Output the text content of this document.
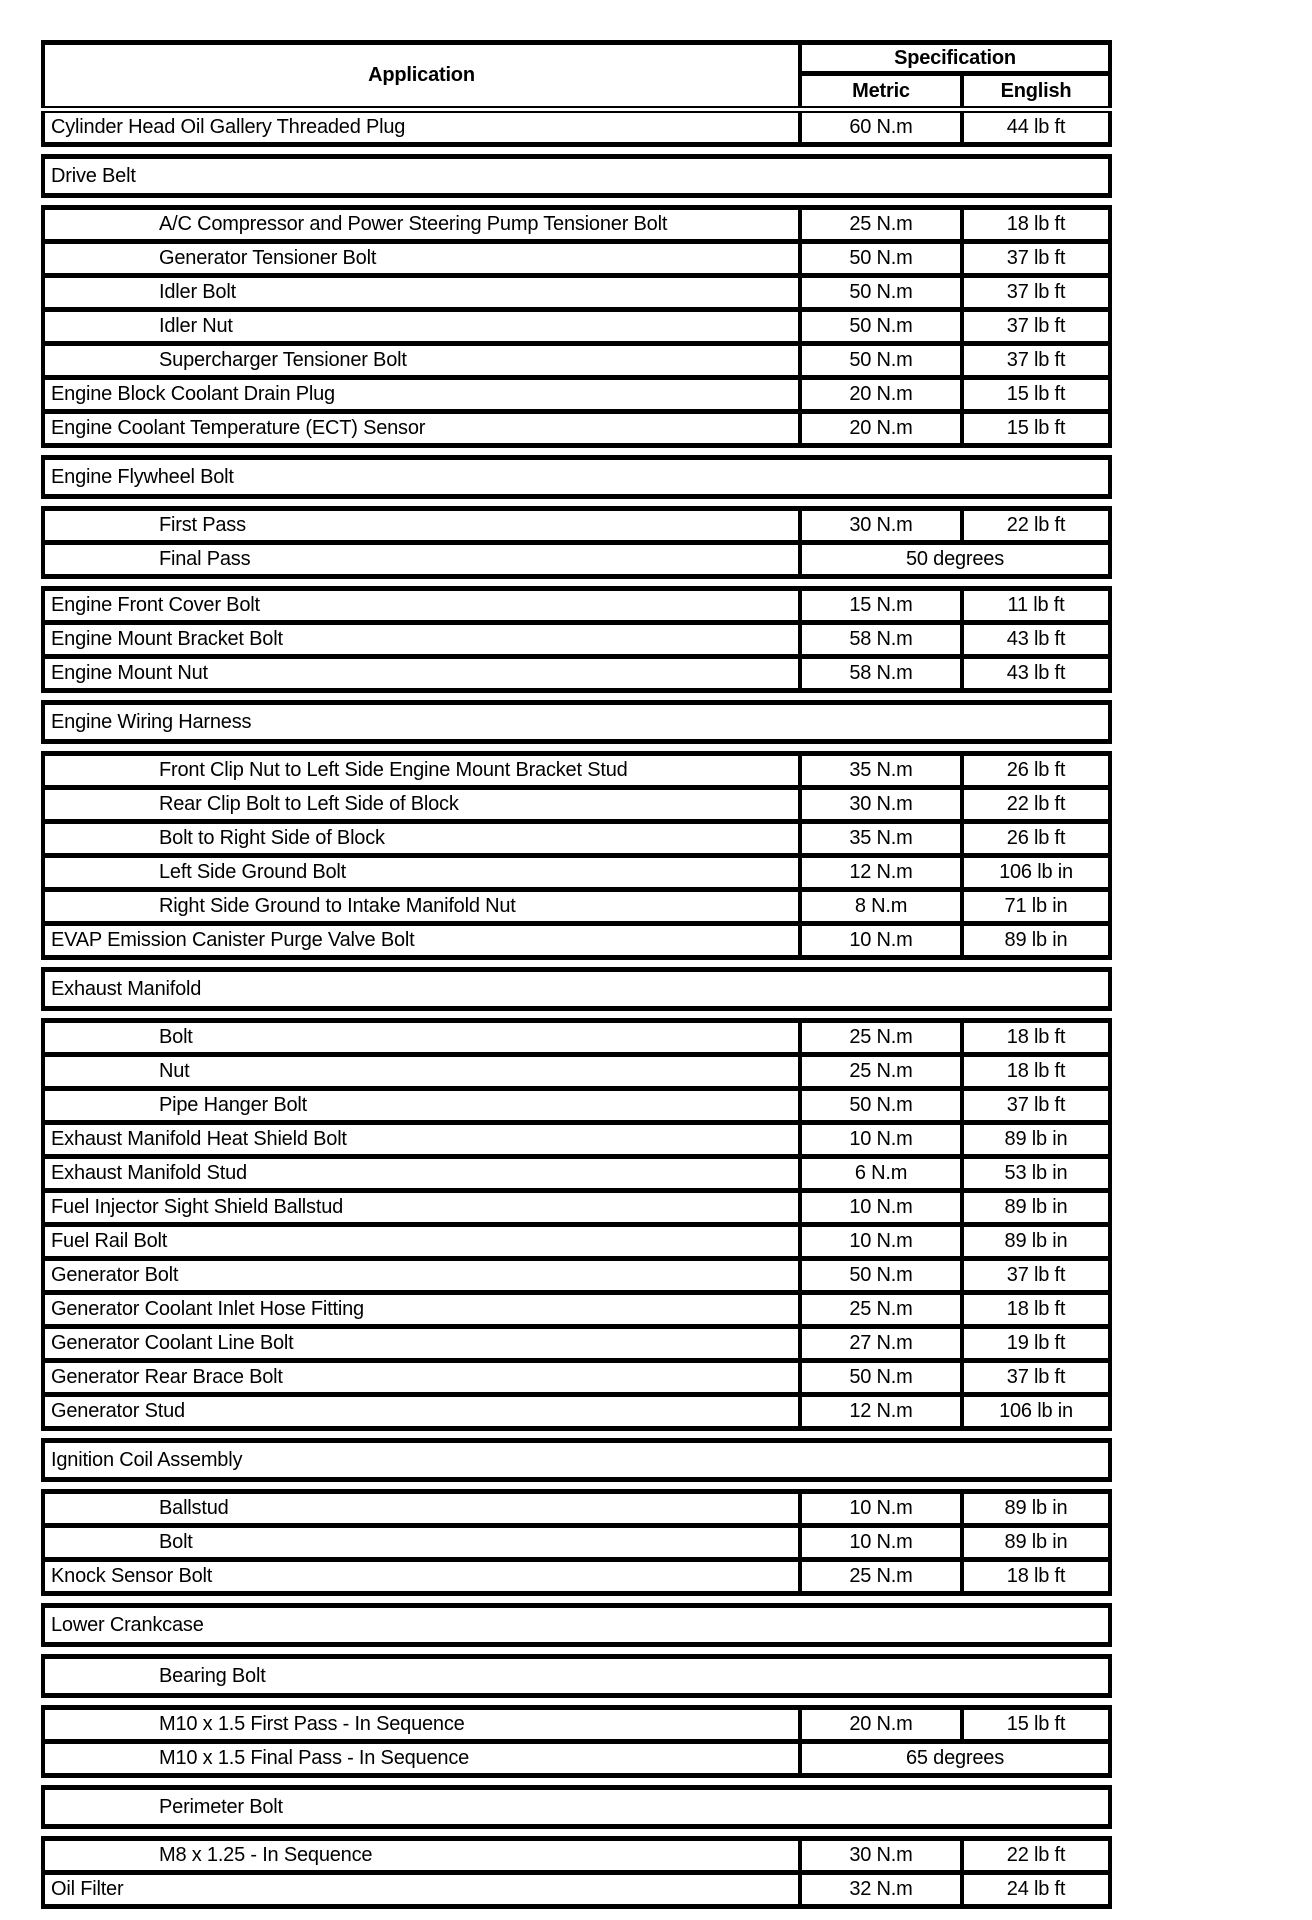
Application	Specification	
	Metric	English
Cylinder Head Oil Gallery Threaded Plug	60 N.m	44 lb ft
Drive Belt
A/C Compressor and Power Steering Pump Tensioner Bolt	25 N.m	18 lb ft
Generator Tensioner Bolt	50 N.m	37 lb ft
Idler Bolt	50 N.m	37 lb ft
Idler Nut	50 N.m	37 lb ft
Supercharger Tensioner Bolt	50 N.m	37 lb ft
Engine Block Coolant Drain Plug	20 N.m	15 lb ft
Engine Coolant Temperature (ECT) Sensor	20 N.m	15 lb ft
Engine Flywheel Bolt
First Pass	30 N.m	22 lb ft
Final Pass	50 degrees	
Engine Front Cover Bolt	15 N.m	11 lb ft
Engine Mount Bracket Bolt	58 N.m	43 lb ft
Engine Mount Nut	58 N.m	43 lb ft
Engine Wiring Harness
Front Clip Nut to Left Side Engine Mount Bracket Stud	35 N.m	26 lb ft
Rear Clip Bolt to Left Side of Block	30 N.m	22 lb ft
Bolt to Right Side of Block	35 N.m	26 lb ft
Left Side Ground Bolt	12 N.m	106 lb in
Right Side Ground to Intake Manifold Nut	8 N.m	71 lb in
EVAP Emission Canister Purge Valve Bolt	10 N.m	89 lb in
Exhaust Manifold
Bolt	25 N.m	18 lb ft
Nut	25 N.m	18 lb ft
Pipe Hanger Bolt	50 N.m	37 lb ft
Exhaust Manifold Heat Shield Bolt	10 N.m	89 lb in
Exhaust Manifold Stud	6 N.m	53 lb in
Fuel Injector Sight Shield Ballstud	10 N.m	89 lb in
Fuel Rail Bolt	10 N.m	89 lb in
Generator Bolt	50 N.m	37 lb ft
Generator Coolant Inlet Hose Fitting	25 N.m	18 lb ft
Generator Coolant Line Bolt	27 N.m	19 lb ft
Generator Rear Brace Bolt	50 N.m	37 lb ft
Generator Stud	12 N.m	106 lb in
Ignition Coil Assembly
Ballstud	10 N.m	89 lb in
Bolt	10 N.m	89 lb in
Knock Sensor Bolt	25 N.m	18 lb ft
Lower Crankcase
Bearing Bolt
M10 x 1.5 First Pass - In Sequence	20 N.m	15 lb ft
M10 x 1.5 Final Pass - In Sequence	65 degrees	
Perimeter Bolt
M8 x 1.25 - In Sequence	30 N.m	22 lb ft
Oil Filter	32 N.m	24 lb ft
